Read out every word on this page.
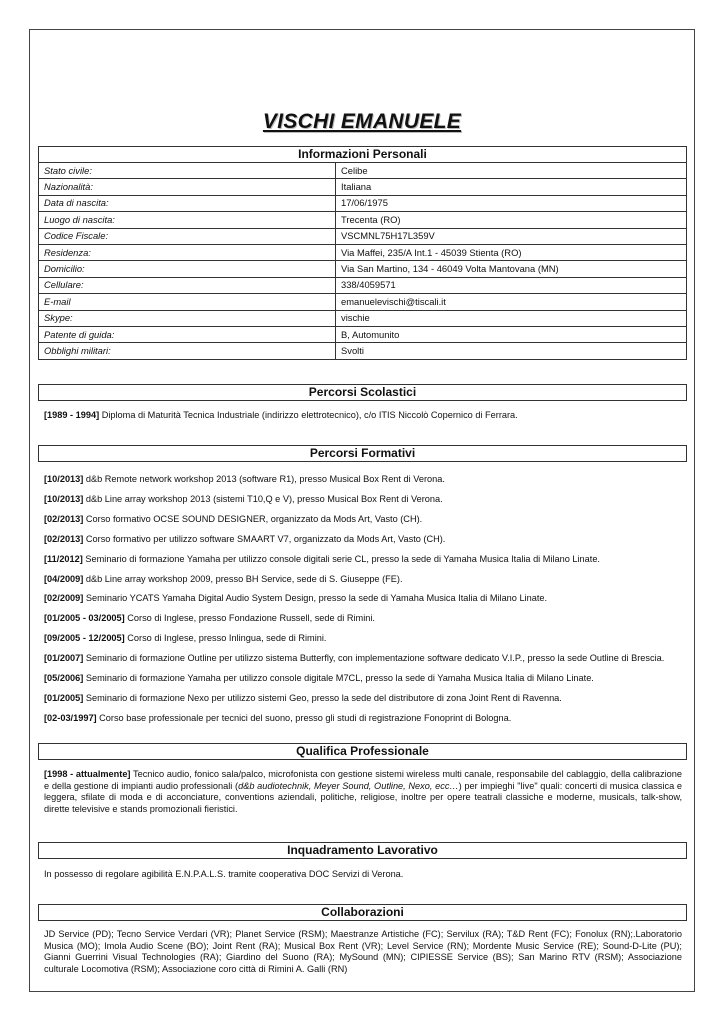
VISCHI EMANUELE
Informazioni Personali
Stato civile:	Celibe
Nazionalità:	Italiana
Data di nascita:	17/06/1975
Luogo di nascita:	Trecenta (RO)
Codice Fiscale:	VSCMNL75H17L359V
Residenza:	Via Maffei, 235/A Int.1 - 45039 Stienta (RO)
Domicilio:	Via San Martino, 134 - 46049 Volta Mantovana (MN)
Cellulare:	338/4059571
E-mail	emanuelevischi@tiscali.it
Skype:	vischie
Patente di guida:	B, Automunito
Obblighi militari:	Svolti
Percorsi Scolastici
[1989 - 1994] Diploma di Maturità Tecnica Industriale (indirizzo elettrotecnico), c/o ITIS Niccolò Copernico di Ferrara.
Percorsi Formativi
[10/2013] d&b Remote network workshop 2013 (software R1), presso Musical Box Rent di Verona.
[10/2013] d&b Line array workshop 2013 (sistemi T10,Q e V), presso Musical Box Rent di Verona.
[02/2013] Corso formativo OCSE SOUND DESIGNER, organizzato da Mods Art, Vasto (CH).
[02/2013] Corso formativo per utilizzo software SMAART V7, organizzato da Mods Art, Vasto (CH).
[11/2012] Seminario di formazione Yamaha per utilizzo console digitali serie CL, presso la sede di Yamaha Musica Italia di Milano Linate.
[04/2009] d&b Line array workshop 2009, presso BH Service, sede di S. Giuseppe (FE).
[02/2009] Seminario YCATS Yamaha Digital Audio System Design, presso la sede di Yamaha Musica Italia di Milano Linate.
[01/2005 - 03/2005] Corso di Inglese, presso Fondazione Russell, sede di Rimini.
[09/2005 - 12/2005] Corso di Inglese, presso Inlingua, sede di Rimini.
[01/2007] Seminario di formazione Outline per utilizzo sistema Butterfly, con implementazione software dedicato V.I.P., presso la sede Outline di Brescia.
[05/2006] Seminario di formazione Yamaha per utilizzo console digitale M7CL, presso la sede di Yamaha Musica Italia di Milano Linate.
[01/2005] Seminario di formazione Nexo per utilizzo sistemi Geo, presso la sede del distributore di zona Joint Rent di Ravenna.
[02-03/1997] Corso base professionale per tecnici del suono, presso gli studi di registrazione Fonoprint di Bologna.
Qualifica Professionale
[1998 - attualmente] Tecnico audio, fonico sala/palco, microfonista con gestione sistemi wireless multi canale, responsabile del cablaggio, della calibrazione e della gestione di impianti audio professionali (d&b audiotechnik, Meyer Sound, Outline, Nexo, ecc…) per impieghi "live" quali: concerti di musica classica e leggera, sfilate di moda e di acconciature, conventions aziendali, politiche, religiose, inoltre per opere teatrali classiche e moderne, musicals, talk-show, dirette televisive e stands promozionali fieristici.
Inquadramento Lavorativo
In possesso di regolare agibilità E.N.P.A.L.S. tramite cooperativa DOC Servizi di Verona.
Collaborazioni
JD Service (PD); Tecno Service Verdari (VR); Planet Service (RSM); Maestranze Artistiche (FC); Servilux (RA); T&D Rent (FC); Fonolux (RN);.Laboratorio Musica (MO); Imola Audio Scene (BO); Joint Rent (RA); Musical Box Rent (VR); Level Service (RN); Mordente Music Service (RE); Sound-D-Lite (PU); Gianni Guerrini Visual Technologies (RA); Giardino del Suono (RA); MySound (MN); CIPIESSE Service (BS); San Marino RTV (RSM); Associazione culturale Locomotiva (RSM); Associazione coro città di Rimini A. Galli (RN)
